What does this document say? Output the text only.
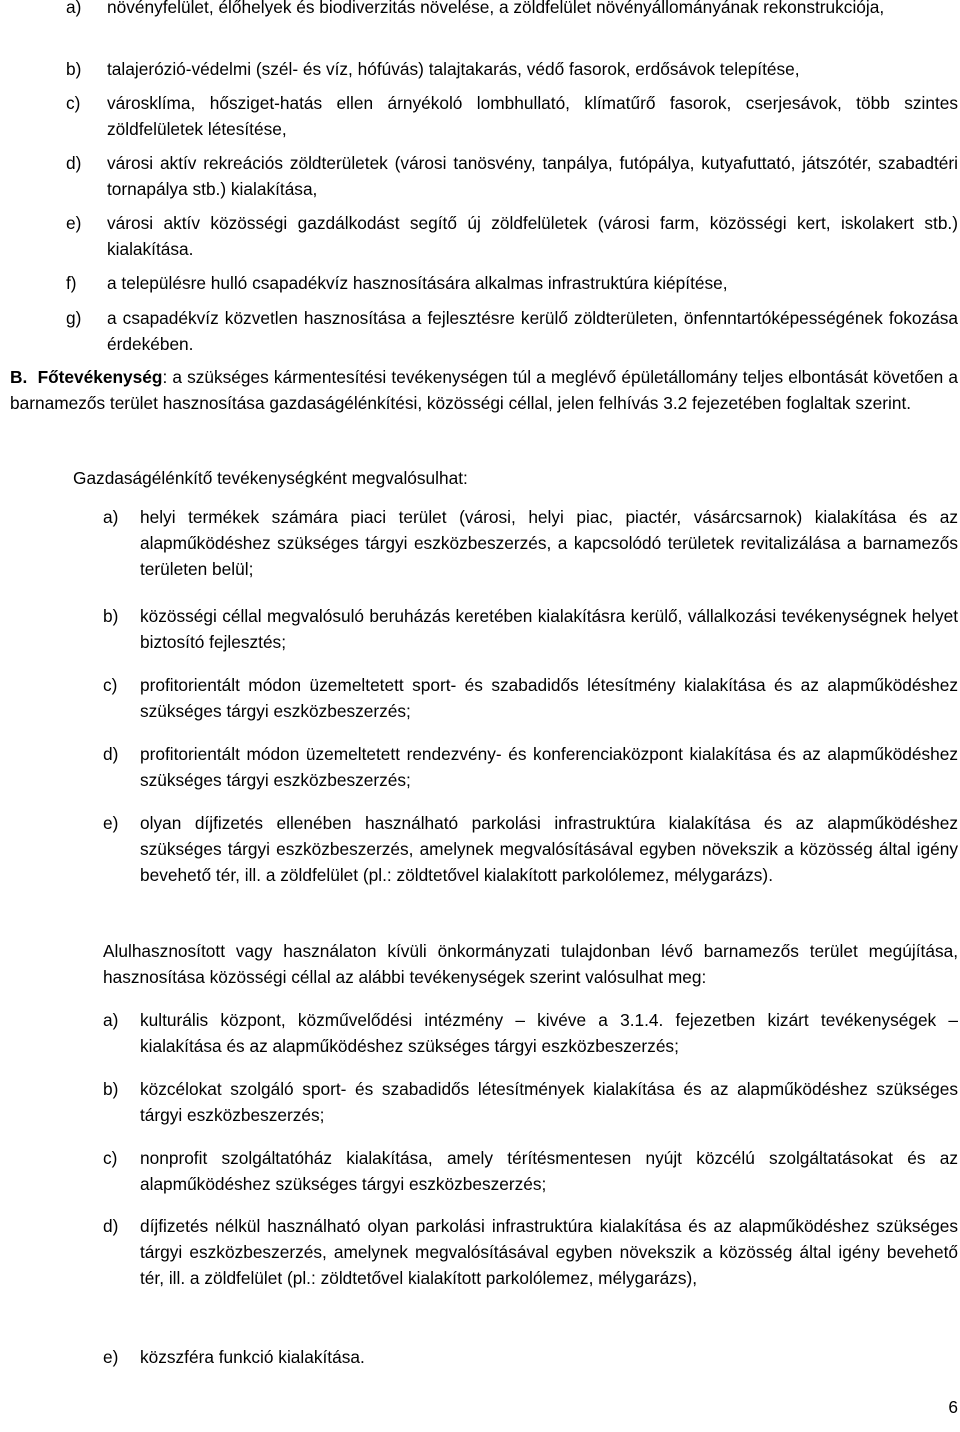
a) növényfelület, élőhelyek és biodiverzitás növelése, a zöldfelület növényállományának rekonstrukciója,
b) talajerózió-védelmi (szél- és víz, hófúvás) talajtakarás, védő fasorok, erdősávok telepítése,
c) városklíma, hősziget-hatás ellen árnyékoló lombhullató, klímatűrő fasorok, cserjesávok, több szintes zöldfelületek létesítése,
d) városi aktív rekreációs zöldterületek (városi tanösvény, tanpálya, futópálya, kutyafuttató, játszótér, szabadtéri tornapálya stb.) kialakítása,
e) városi aktív közösségi gazdálkodást segítő új zöldfelületek (városi farm, közösségi kert, iskolakert stb.) kialakítása.
f) a településre hulló csapadékvíz hasznosítására alkalmas infrastruktúra kiépítése,
g) a csapadékvíz közvetlen hasznosítása a fejlesztésre kerülő zöldterületen, önfenntartóképességének fokozása érdekében.
B. Főtevékenység: a szükséges kármentesítési tevékenységen túl a meglévő épületállomány teljes elbontását követően a barnamezős terület hasznosítása gazdaságélénkítési, közösségi céllal, jelen felhívás 3.2 fejezetében foglaltak szerint.
Gazdaságélénkítő tevékenységként megvalósulhat:
a) helyi termékek számára piaci terület (városi, helyi piac, piactér, vásárcsarnok) kialakítása és az alapműködéshez szükséges tárgyi eszközbeszerzés, a kapcsolódó területek revitalizálása a barnamezős területen belül;
b) közösségi céllal megvalósuló beruházás keretében kialakításra kerülő, vállalkozási tevékenységnek helyet biztosító fejlesztés;
c) profitorientált módon üzemeltetett sport- és szabadidős létesítmény kialakítása és az alapműködéshez szükséges tárgyi eszközbeszerzés;
d) profitorientált módon üzemeltetett rendezvény- és konferenciaközpont kialakítása és az alapműködéshez szükséges tárgyi eszközbeszerzés;
e) olyan díjfizetés ellenében használható parkolási infrastruktúra kialakítása és az alapműködéshez szükséges tárgyi eszközbeszerzés, amelynek megvalósításával egyben növekszik a közösség által igény bevehető tér, ill. a zöldfelület (pl.: zöldtetővel kialakított parkolólemez, mélygarázs).
Alulhasznosított vagy használaton kívüli önkormányzati tulajdonban lévő barnamezős terület megújítása, hasznosítása közösségi céllal az alábbi tevékenységek szerint valósulhat meg:
a) kulturális központ, közművelődési intézmény – kivéve a 3.1.4. fejezetben kizárt tevékenységek – kialakítása és az alapműködéshez szükséges tárgyi eszközbeszerzés;
b) közcélokat szolgáló sport- és szabadidős létesítmények kialakítása és az alapműködéshez szükséges tárgyi eszközbeszerzés;
c) nonprofit szolgáltatóház kialakítása, amely térítésmentesen nyújt közcélú szolgáltatásokat és az alapműködéshez szükséges tárgyi eszközbeszerzés;
d) díjfizetés nélkül használható olyan parkolási infrastruktúra kialakítása és az alapműködéshez szükséges tárgyi eszközbeszerzés, amelynek megvalósításával egyben növekszik a közösség által igény bevehető tér, ill. a zöldfelület (pl.: zöldtetővel kialakított parkolólemez, mélygarázs),
e) közszféra funkció kialakítása.
6
